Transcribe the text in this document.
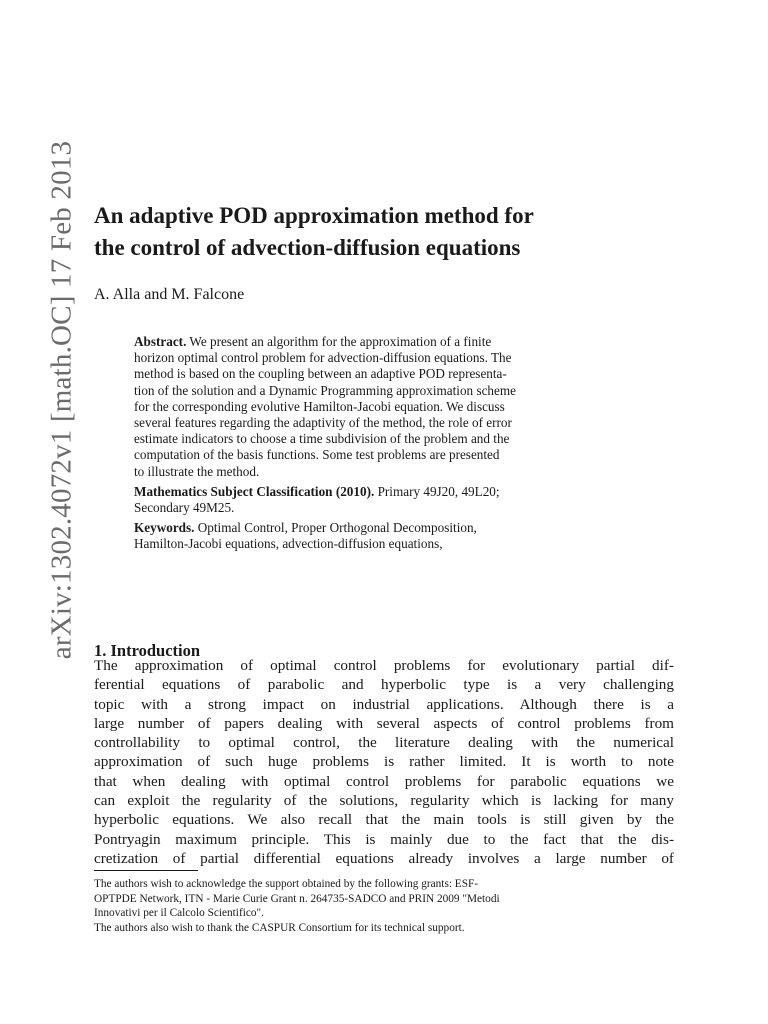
arXiv:1302.4072v1 [math.OC] 17 Feb 2013 An adaptive POD approximation method for
the control of advection-diffusion equations
A. Alla and M. Falcone
Abstract. We present an algorithm for the approximation of a finite
horizon optimal control problem for advection-diffusion equations. The
method is based on the coupling between an adaptive POD representa-
tion of the solution and a Dynamic Programming approximation scheme
for the corresponding evolutive Hamilton-Jacobi equation. We discuss
several features regarding the adaptivity of the method, the role of error
estimate indicators to choose a time subdivision of the problem and the
computation of the basis functions. Some test problems are presented
to illustrate the method.
Mathematics Subject Classification (2010). Primary 49J20, 49L20;
Secondary 49M25.
Keywords. Optimal Control, Proper Orthogonal Decomposition,
Hamilton-Jacobi equations, advection-diffusion equations,
1. Introduction
The approximation of optimal control problems for evolutionary partial dif-
ferential equations of parabolic and hyperbolic type is a very challenging
topic with a strong impact on industrial applications. Although there is a
large number of papers dealing with several aspects of control problems from
controllability to optimal control, the literature dealing with the numerical
approximation of such huge problems is rather limited. It is worth to note
that when dealing with optimal control problems for parabolic equations we
can exploit the regularity of the solutions, regularity which is lacking for many
hyperbolic equations. We also recall that the main tools is still given by the
Pontryagin maximum principle. This is mainly due to the fact that the dis-
cretization of partial differential equations already involves a large number of
The authors wish to acknowledge the support obtained by the following grants: ESF-
OPTPDE Network, ITN - Marie Curie Grant n. 264735-SADCO and PRIN 2009 "Metodi
Innovativi per il Calcolo Scientifico".
The authors also wish to thank the CASPUR Consortium for its technical support.
